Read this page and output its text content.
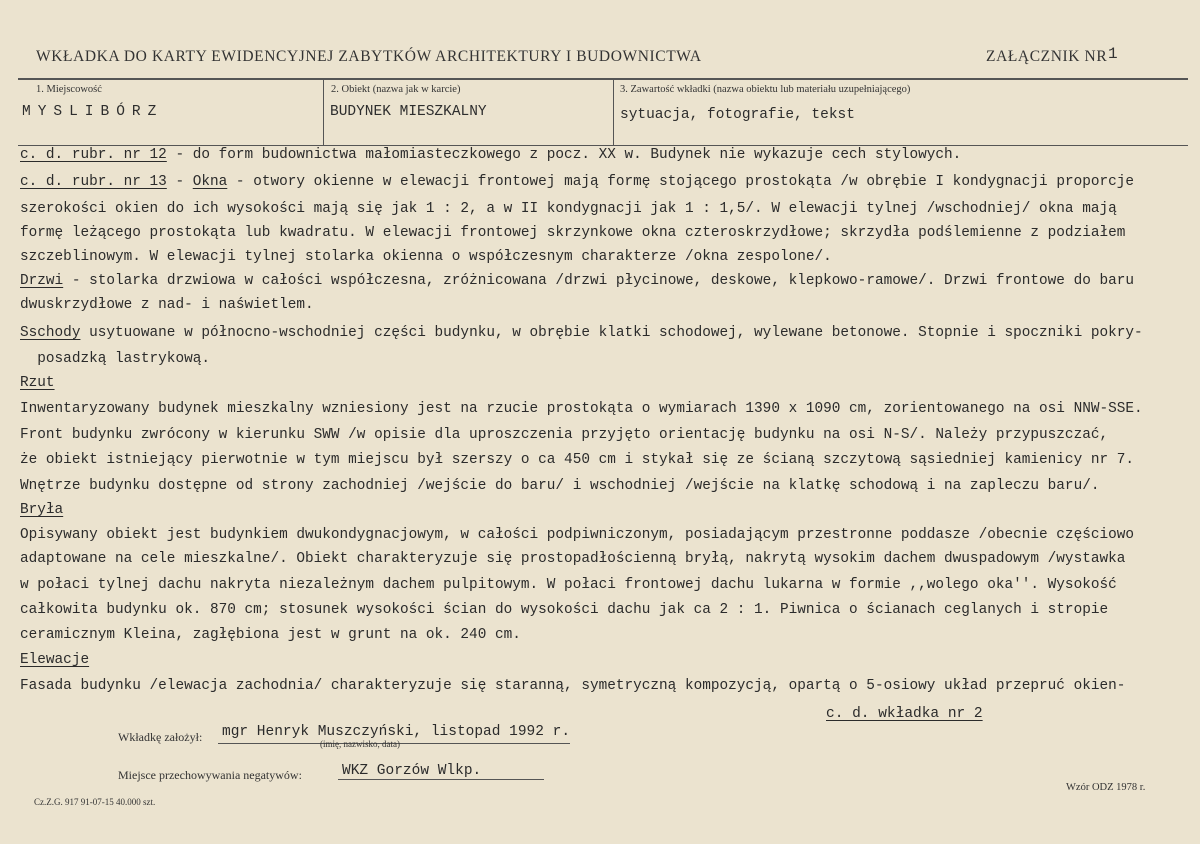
WKŁADKA DO KARTY EWIDENCYJNEJ ZABYTKÓW ARCHITEKTURY I BUDOWNICTWA	ZAŁĄCZNIK NR 1
1. Miejscowość
MYSLIBÓRZ
2. Obiekt (nazwa jak w karcie)
BUDYNEK MIESZKALNY
3. Zawartość wkładki (nazwa obiektu lub materiału uzupełniającego)
sytuacja, fotografie, tekst
c. d. rubr. nr 12 - do form budownictwa małomiasteczkowego z pocz. XX w. Budynek nie wykazuje cech stylowych.
c. d. rubr. nr 13 - Okna - otwory okienne w elewacji frontowej mają formę stojącego prostokąta /w obrębie I kondygnacji proporcje
szerokości okien do ich wysokości mają się jak 1 : 2, a w II kondygnacji jak 1 : 1,5/. W elewacji tylnej /wschodniej/ okna mają
formę leżącego prostokąta lub kwadratu. W elewacji frontowej skrzynkowe okna czteroskrzydłowe; skrzydła podślemienne z podziałem
szczeblinowym. W elewacji tylnej stolarka okienna o współczesnym charakterze /okna zespolone/.
Drzwi - stolarka drzwiowa w całości współczesna, zróżnicowana /drzwi płycinowe, deskowe, klepkowo-ramowe/. Drzwi frontowe do baru
dwuskrzydłowe z nad- i naświetlem.
Sschody usytuowane w północno-wschodniej części budynku, w obrębie klatki schodowej, wylewane betonowe. Stopnie i spoczniki pokry-
posadzką lastrykową.
Rzut
Inwentaryzowany budynek mieszkalny wzniesiony jest na rzucie prostokąta o wymiarach 1390 x 1090 cm, zorientowanego na osi NNW-SSE.
Front budynku zwrócony w kierunku SWW /w opisie dla uproszczenia przyjęto orientację budynku na osi N-S/. Należy przypuszczać,
że obiekt istniejący pierwotnie w tym miejscu był szerszy o ca 450 cm i stykał się ze ścianą szczytową sąsiedniej kamienicy nr 7.
Wnętrze budynku dostępne od strony zachodniej /wejście do baru/ i wschodniej /wejście na klatkę schodową i na zapleczu baru/.
Bryła
Opisywany obiekt jest budynkiem dwukondygnacjowym, w całości podpiwniczonym, posiadającym przestronne poddasze /obecnie częściowo
adaptowane na cele mieszkalne/. Obiekt charakteryzuje się prostopadłościenną bryłą, nakrytą wysokim dachem dwuspadowym /wystawka
w połaci tylnej dachu nakryta niezależnym dachem pulpitowym. W połaci frontowej dachu lukarna w formie ,,wolego oka''. Wysokość
całkowita budynku ok. 870 cm; stosunek wysokości ścian do wysokości dachu jak ca 2 : 1. Piwnica o ścianach ceglanych i stropie
ceramicznym Kleina, zagłębiona jest w grunt na ok. 240 cm.
Elewacje
Fasada budynku /elewacja zachodnia/ charakteryzuje się staranną, symetryczną kompozycją, opartą o 5-osiowy układ przepruć okien-
c. d. wkładka nr 2
Wkładkę założył: mgr Henryk Muszczyński, listopad 1992 r.
(imię, nazwisko, data)
Miejsce przechowywania negatywów:	WKZ Gorzów Wlkp.
Cz.Z.G. 917 91-07-15 40.000 szt.
Wzór ODZ 1978 r.
